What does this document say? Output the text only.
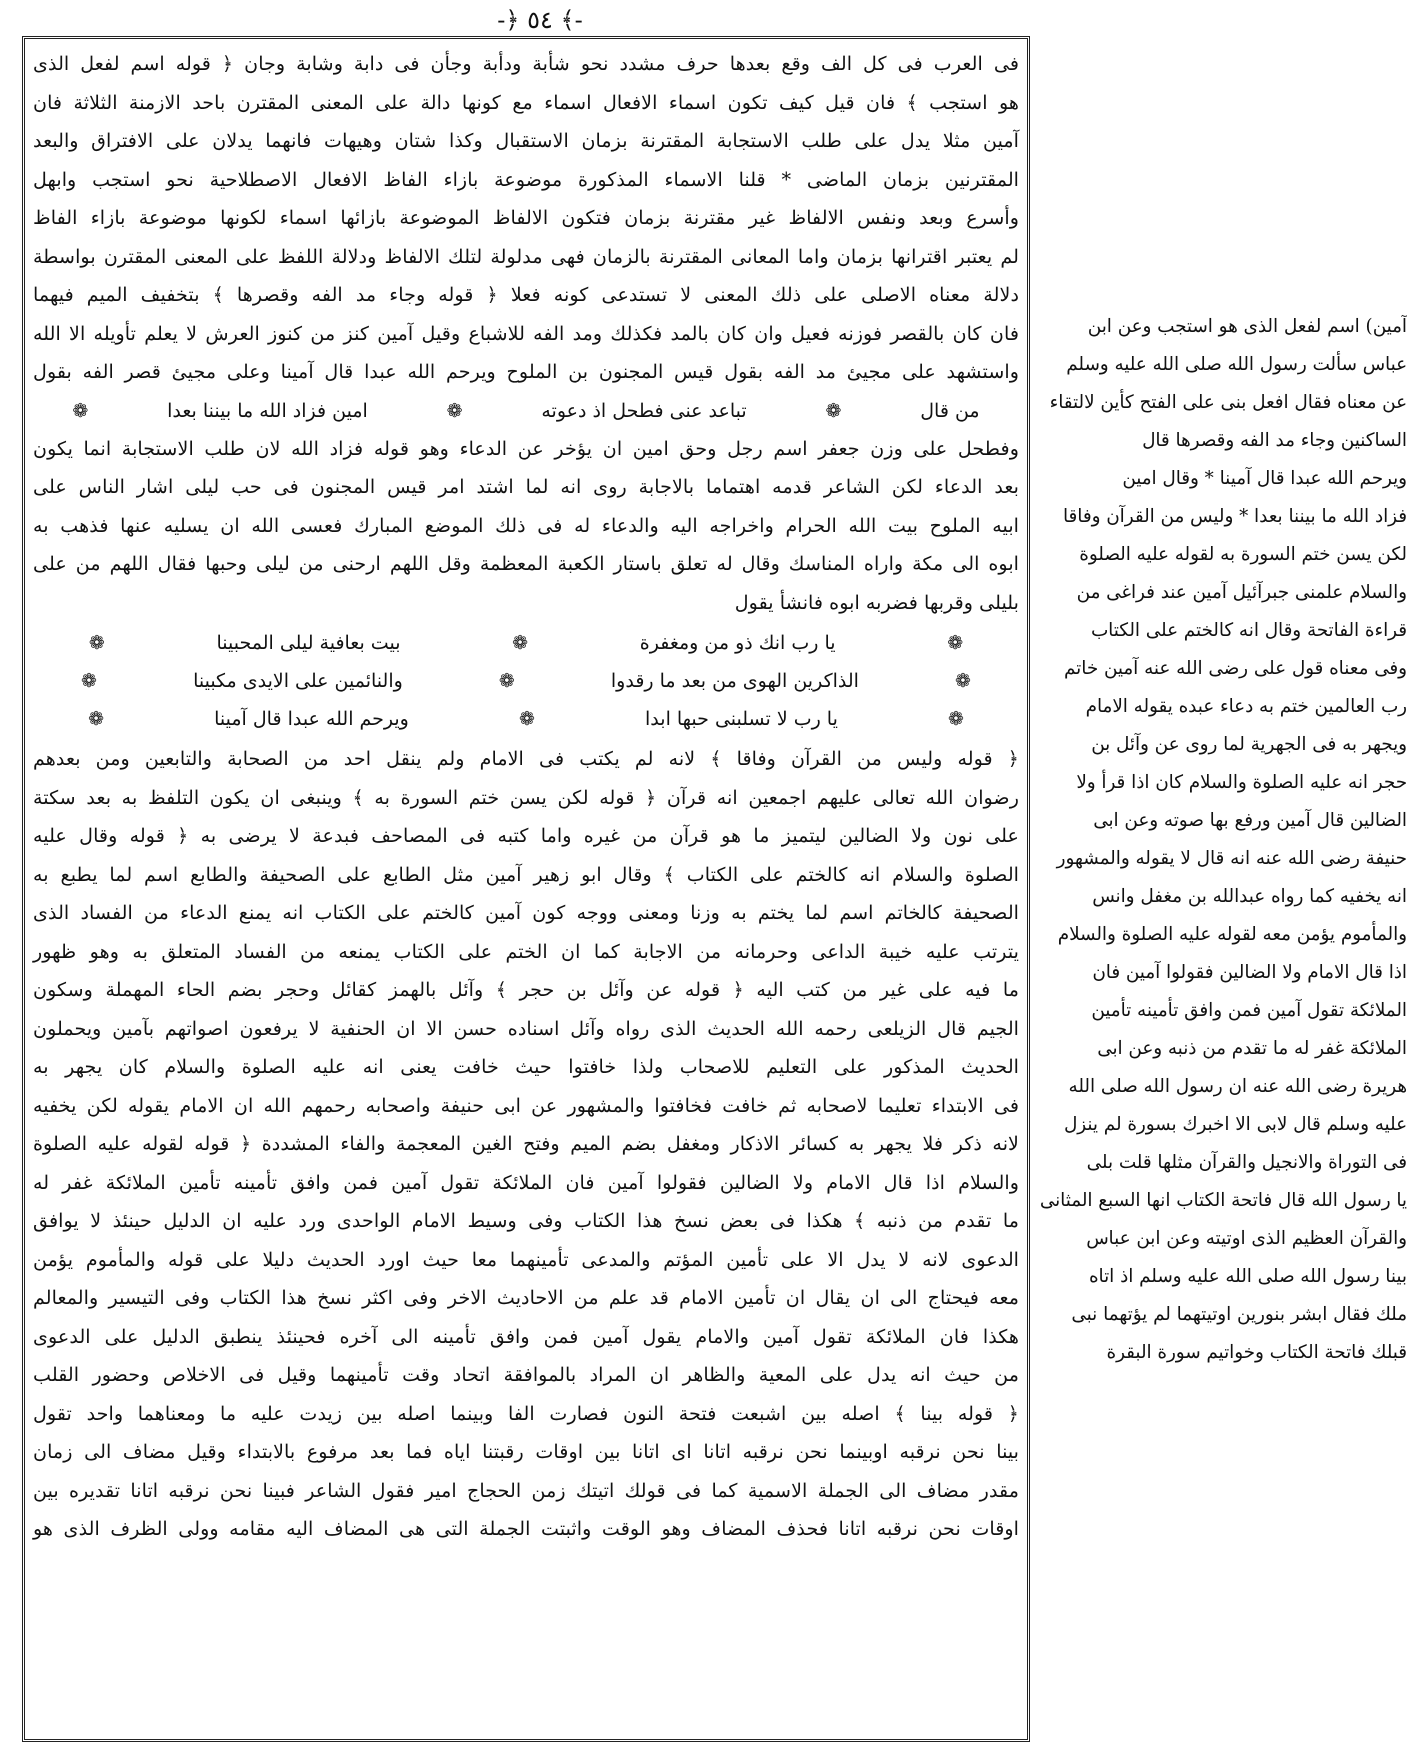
-﴿ ٥٤ ﴾-

فى العرب فى كل الف وقع بعدها حرف مشدد نحو شأبة ودأبة وجأن فى دابة وشابة وجان ﴿ قوله اسم لفعل الذى

هو استجب ﴾ فان قيل كيف تكون اسماء الافعال اسماء مع كونها دالة على المعنى المقترن باحد الازمنة الثلاثة فان

آمين مثلا يدل على طلب الاستجابة المقترنة بزمان الاستقبال وكذا شتان وهيهات فانهما يدلان على الافتراق والبعد

المقترنين بزمان الماضى * قلنا الاسماء المذكورة موضوعة بازاء الفاظ الافعال الاصطلاحية نحو استجب وابهل

وأسرع وبعد ونفس الالفاظ غير مقترنة بزمان فتكون الالفاظ الموضوعة بازائها اسماء لكونها موضوعة بازاء الفاظ

لم يعتبر اقترانها بزمان واما المعانى المقترنة بالزمان فهى مدلولة لتلك الالفاظ ودلالة اللفظ على المعنى المقترن بواسطة

دلالة معناه الاصلى على ذلك المعنى لا تستدعى كونه فعلا ﴿ قوله وجاء مد الفه وقصرها ﴾ بتخفيف الميم فيهما

فان كان بالقصر فوزنه فعيل وان كان بالمد فكذلك ومد الفه للاشباع وقيل آمين كنز من كنوز العرش لا يعلم تأويله الا الله

واستشهد على مجيئ مد الفه بقول قيس المجنون بن الملوح ويرحم الله عبدا قال آمينا وعلى مجيئ قصر الفه بقول

من قال
❁
تباعد عنى فطحل اذ دعوته
❁
امين فزاد الله ما بيننا بعدا
❁

وفطحل على وزن جعفر اسم رجل وحق امين ان يؤخر عن الدعاء وهو قوله فزاد الله لان طلب الاستجابة انما يكون

بعد الدعاء لكن الشاعر قدمه اهتماما بالاجابة روى انه لما اشتد امر قيس المجنون فى حب ليلى اشار الناس على

ابيه الملوح بيت الله الحرام واخراجه اليه والدعاء له فى ذلك الموضع المبارك فعسى الله ان يسليه عنها فذهب به

ابوه الى مكة واراه المناسك وقال له تعلق باستار الكعبة المعظمة وقل اللهم ارحنى من ليلى وحبها فقال اللهم من على

بليلى وقربها فضربه ابوه فانشأ يقول

❁
يا رب انك ذو من ومغفرة
❁
بيت بعافية ليلى المحبينا
❁
❁
الذاكرين الهوى من بعد ما رقدوا
❁
والنائمين على الايدى مكبينا
❁
❁
يا رب لا تسلبنى حبها ابدا
❁
ويرحم الله عبدا قال آمينا
❁

﴿ قوله وليس من القرآن وفاقا ﴾ لانه لم يكتب فى الامام ولم ينقل احد من الصحابة والتابعين ومن بعدهم

رضوان الله تعالى عليهم اجمعين انه قرآن ﴿ قوله لكن يسن ختم السورة به ﴾ وينبغى ان يكون التلفظ به بعد سكتة

على نون ولا الضالين ليتميز ما هو قرآن من غيره واما كتبه فى المصاحف فبدعة لا يرضى به ﴿ قوله وقال عليه

الصلوة والسلام انه كالختم على الكتاب ﴾ وقال ابو زهير آمين مثل الطابع على الصحيفة والطابع اسم لما يطبع به

الصحيفة كالخاتم اسم لما يختم به وزنا ومعنى ووجه كون آمين كالختم على الكتاب انه يمنع الدعاء من الفساد الذى

يترتب عليه خيبة الداعى وحرمانه من الاجابة كما ان الختم على الكتاب يمنعه من الفساد المتعلق به وهو ظهور

ما فيه على غير من كتب اليه ﴿ قوله عن وآئل بن حجر ﴾ وآئل بالهمز كقائل وحجر بضم الحاء المهملة وسكون

الجيم قال الزيلعى رحمه الله الحديث الذى رواه وآئل اسناده حسن الا ان الحنفية لا يرفعون اصواتهم بآمين ويحملون

الحديث المذكور على التعليم للاصحاب ولذا خافتوا حيث خافت يعنى انه عليه الصلوة والسلام كان يجهر به

فى الابتداء تعليما لاصحابه ثم خافت فخافتوا والمشهور عن ابى حنيفة واصحابه رحمهم الله ان الامام يقوله لكن يخفيه

لانه ذكر فلا يجهر به كسائر الاذكار ومغفل بضم الميم وفتح الغين المعجمة والفاء المشددة ﴿ قوله لقوله عليه الصلوة

والسلام اذا قال الامام ولا الضالين فقولوا آمين فان الملائكة تقول آمين فمن وافق تأمينه تأمين الملائكة غفر له

ما تقدم من ذنبه ﴾ هكذا فى بعض نسخ هذا الكتاب وفى وسيط الامام الواحدى ورد عليه ان الدليل حينئذ لا يوافق

الدعوى لانه لا يدل الا على تأمين المؤتم والمدعى تأمينهما معا حيث اورد الحديث دليلا على قوله والمأموم يؤمن

معه فيحتاج الى ان يقال ان تأمين الامام قد علم من الاحاديث الاخر وفى اكثر نسخ هذا الكتاب وفى التيسير والمعالم

هكذا فان الملائكة تقول آمين والامام يقول آمين فمن وافق تأمينه الى آخره فحينئذ ينطبق الدليل على الدعوى

من حيث انه يدل على المعية والظاهر ان المراد بالموافقة اتحاد وقت تأمينهما وقيل فى الاخلاص وحضور القلب

﴿ قوله بينا ﴾ اصله بين اشبعت فتحة النون فصارت الفا وبينما اصله بين زيدت عليه ما ومعناهما واحد تقول

بينا نحن نرقبه اوبينما نحن نرقبه اتانا اى اتانا بين اوقات رقبتنا اياه فما بعد مرفوع بالابتداء وقيل مضاف الى زمان

مقدر مضاف الى الجملة الاسمية كما فى قولك اتيتك زمن الحجاج امير فقول الشاعر فبينا نحن نرقبه اتانا تقديره بين

اوقات نحن نرقبه اتانا فحذف المضاف وهو الوقت واثبتت الجملة التى هى المضاف اليه مقامه وولى الظرف الذى هو

آمين) اسم لفعل الذى هو استجب وعن ابن

عباس سألت رسول الله صلى الله عليه وسلم

عن معناه فقال افعل بنى على الفتح كأين لالتقاء

الساكنين وجاء مد الفه وقصرها قال

ويرحم الله عبدا قال آمينا * وقال امين

فزاد الله ما بيننا بعدا * وليس من القرآن وفاقا

لكن يسن ختم السورة به لقوله عليه الصلوة

والسلام علمنى جبرآئيل آمين عند فراغى من

قراءة الفاتحة وقال انه كالختم على الكتاب

وفى معناه قول على رضى الله عنه آمين خاتم

رب العالمين ختم به دعاء عبده يقوله الامام

ويجهر به فى الجهرية لما روى عن وآئل بن

حجر انه عليه الصلوة والسلام كان اذا قرأ ولا

الضالين قال آمين ورفع بها صوته وعن ابى

حنيفة رضى الله عنه انه قال لا يقوله والمشهور

انه يخفيه كما رواه عبدالله بن مغفل وانس

والمأموم يؤمن معه لقوله عليه الصلوة والسلام

اذا قال الامام ولا الضالين فقولوا آمين فان

الملائكة تقول آمين فمن وافق تأمينه تأمين

الملائكة غفر له ما تقدم من ذنبه وعن ابى

هريرة رضى الله عنه ان رسول الله صلى الله

عليه وسلم قال لابى الا اخبرك بسورة لم ينزل

فى التوراة والانجيل والقرآن مثلها قلت بلى

يا رسول الله قال فاتحة الكتاب انها السبع المثانى

والقرآن العظيم الذى اوتيته وعن ابن عباس

بينا رسول الله صلى الله عليه وسلم اذ اتاه

ملك فقال ابشر بنورين اوتيتهما لم يؤتهما نبى

قبلك فاتحة الكتاب وخواتيم سورة البقرة
